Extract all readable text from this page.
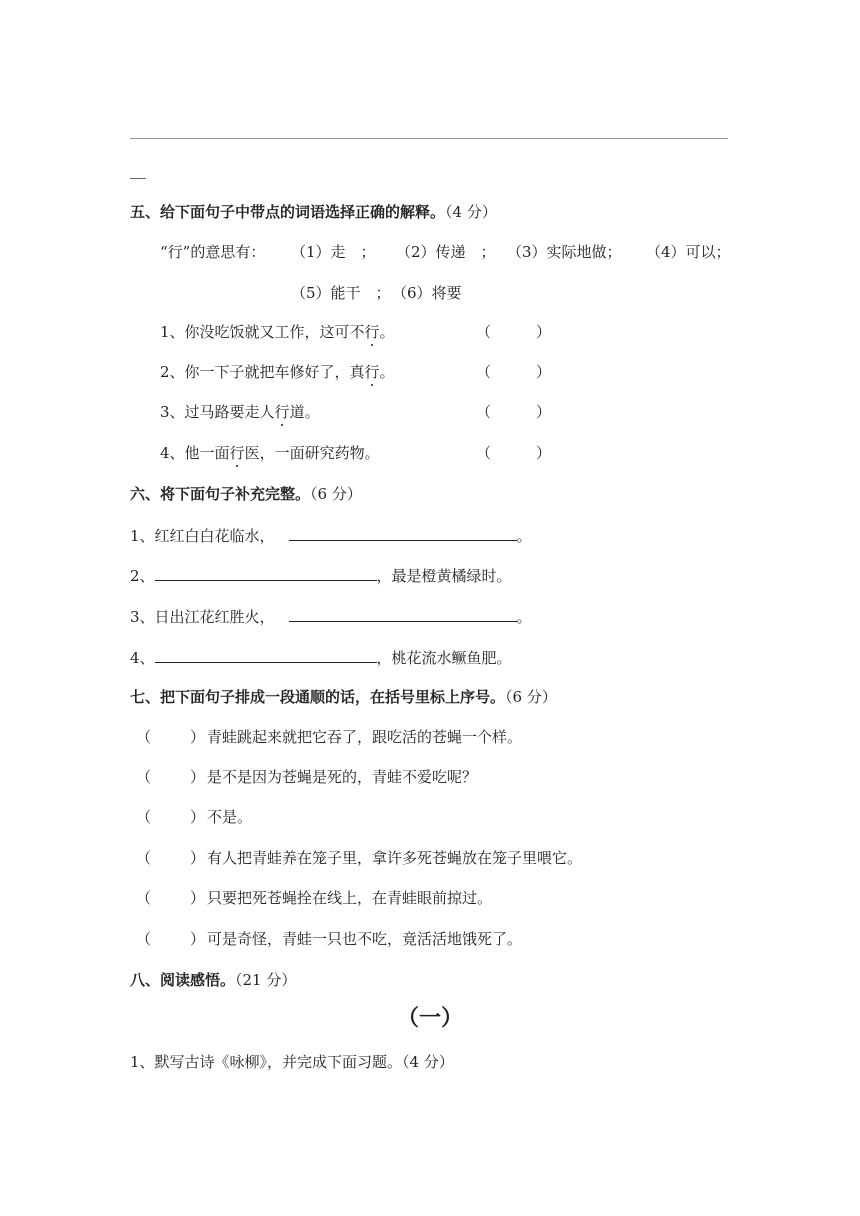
五、给下面句子中带点的词语选择正确的解释。（4 分）
“行”的意思有： （1）走　； （2）传递　； （3）实际地做； （4）可以；
（5）能干　； （6）将要
1、你没吃饭就又工作，这可不行。	（	）
2、你一下子就把车修好了，真行。	（	）
3、过马路要走人行道。	（	）
4、他一面行医，一面研究药物。	（	）
六、将下面句子补充完整。（6 分）
1、红红白白花临水，	。
2、	，最是橙黄橘绿时。
3、日出江花红胜火，	。
4、	，桃花流水鳜鱼肥。
七、把下面句子排成一段通顺的话，在括号里标上序号。（6 分）
（	） 青蛙跳起来就把它吞了，跟吃活的苍蝇一个样。
（	） 是不是因为苍蝇是死的，青蛙不爱吃呢？
（	） 不是。
（	） 有人把青蛙养在笼子里，拿许多死苍蝇放在笼子里喂它。
（	） 只要把死苍蝇拴在线上，在青蛙眼前掠过。
（	） 可是奇怪，青蛙一只也不吃，竟活活地饿死了。
八、阅读感悟。（21 分）
（一）
1、默写古诗《咏柳》，并完成下面习题。（4 分）
